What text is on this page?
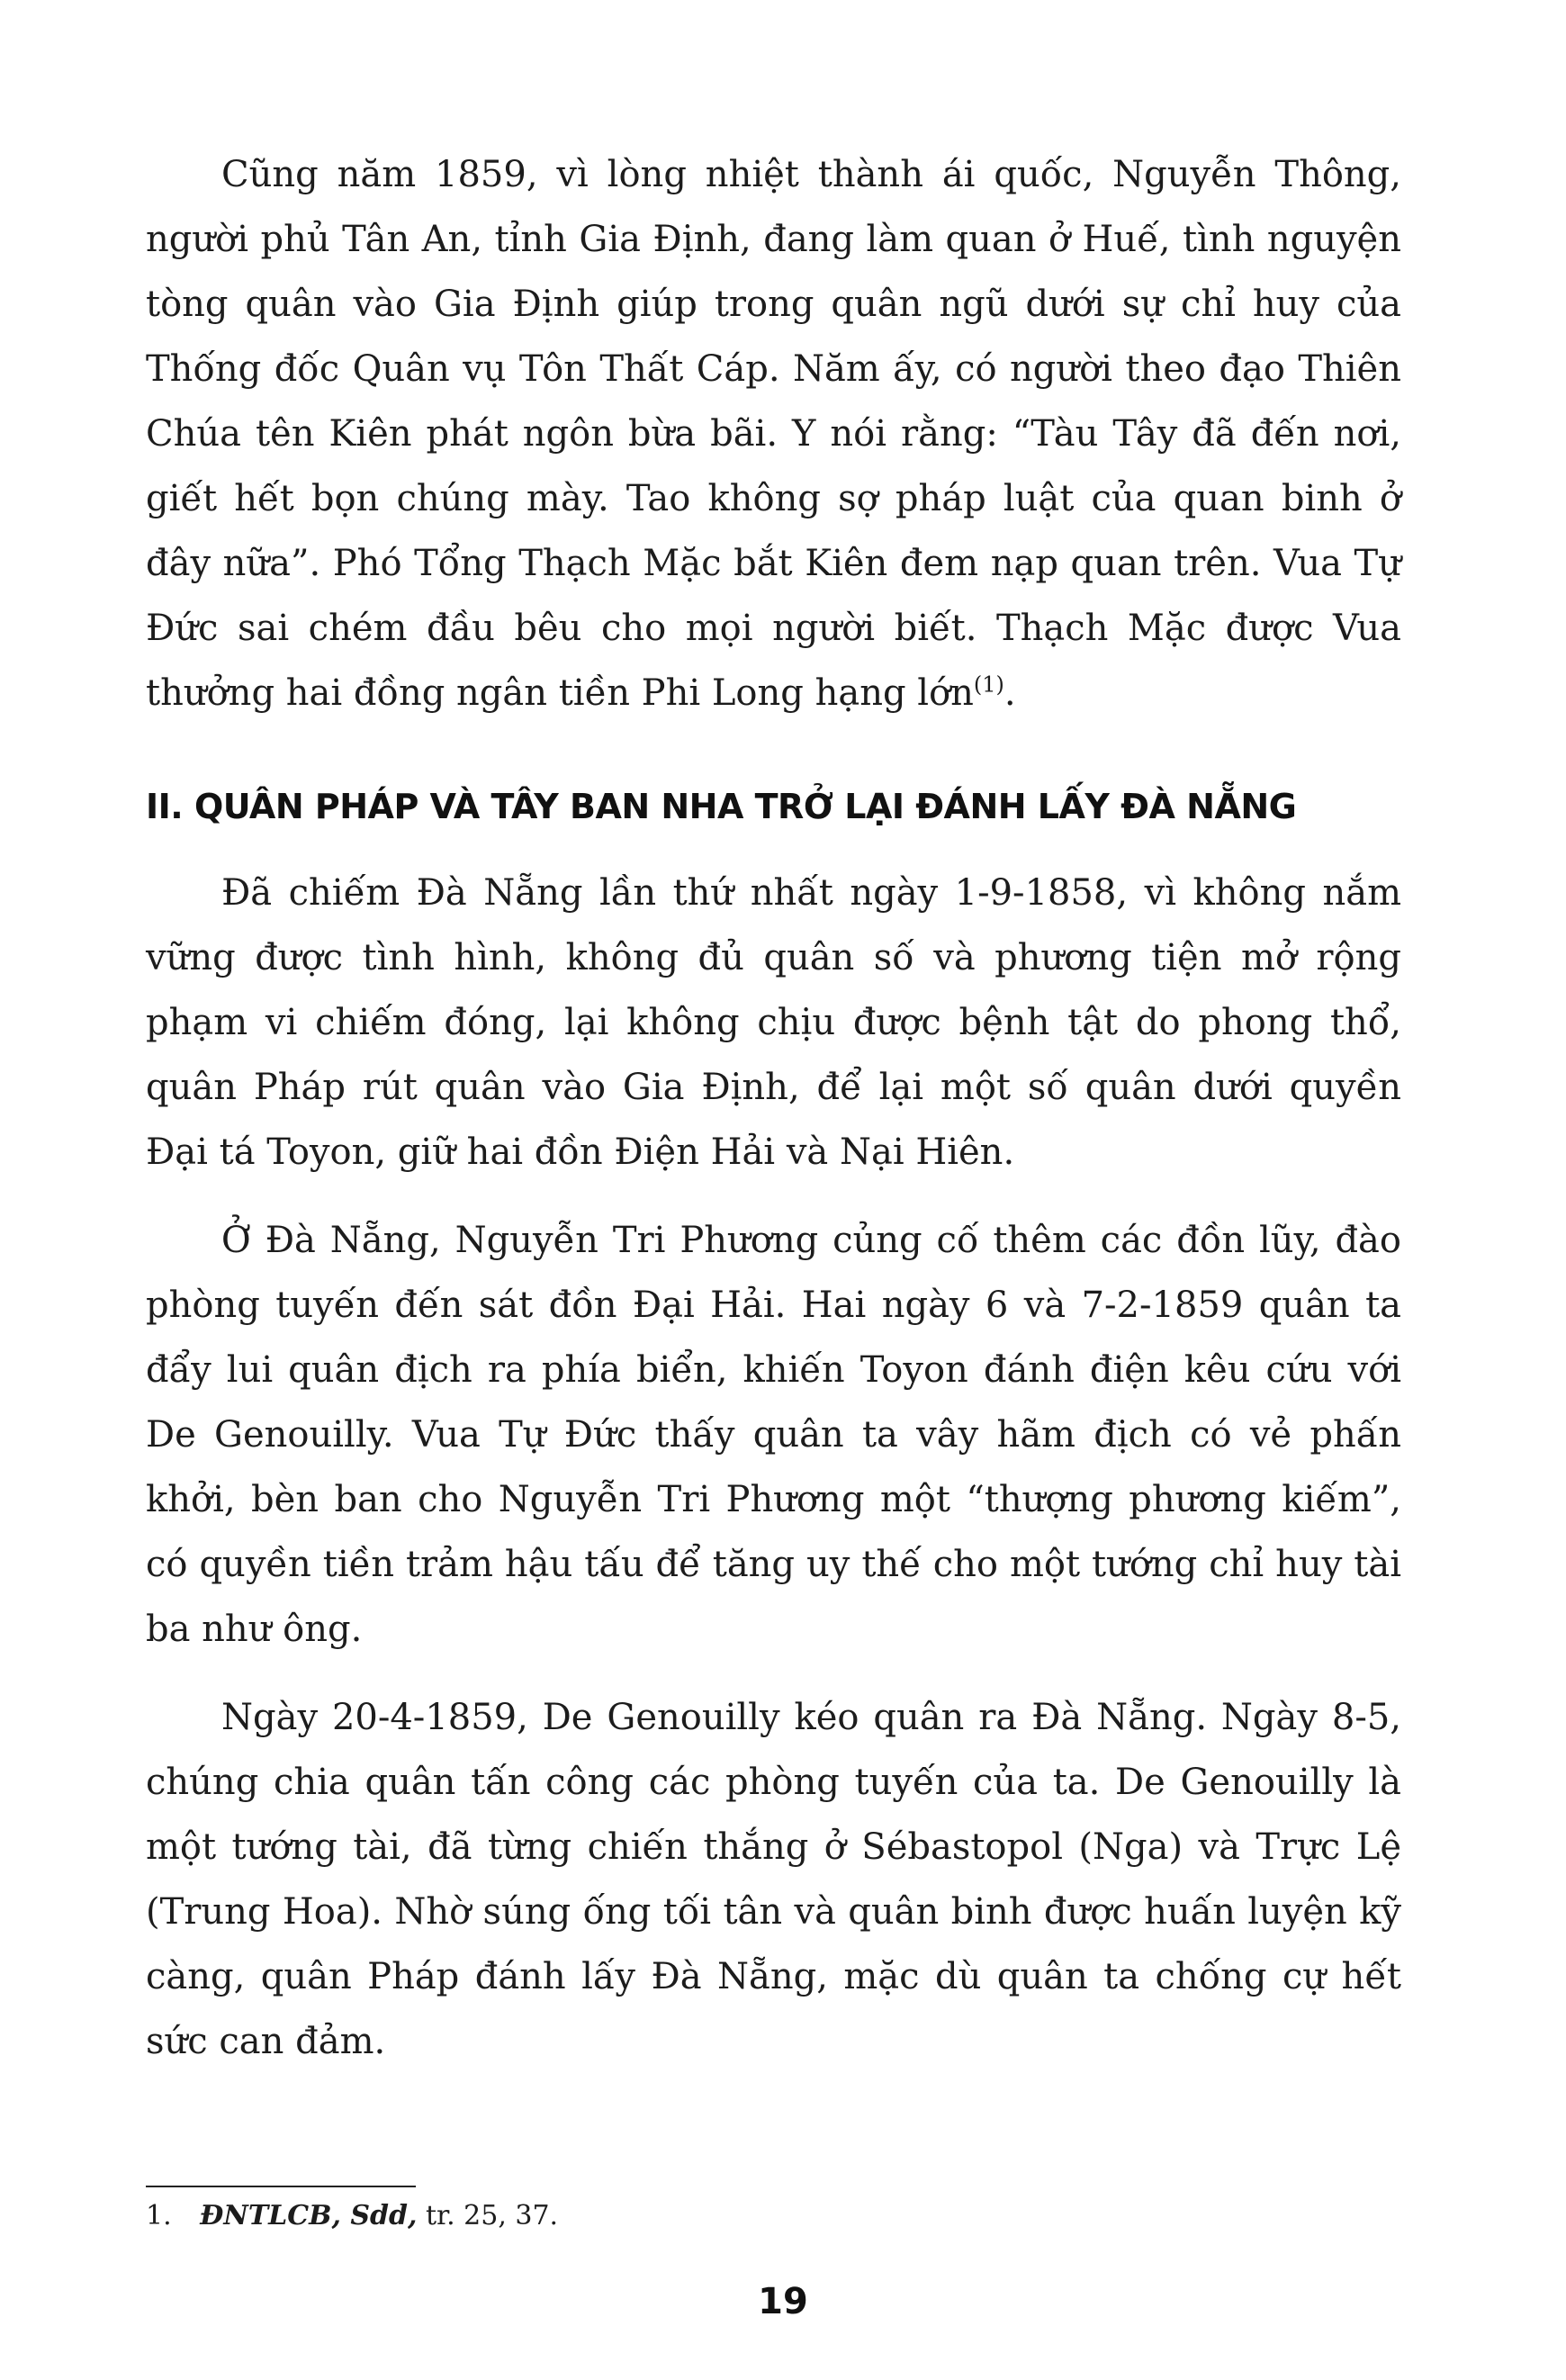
Cũng năm 1859, vì lòng nhiệt thành ái quốc, Nguyễn Thông, người phủ Tân An, tỉnh Gia Định, đang làm quan ở Huế, tình nguyện tòng quân vào Gia Định giúp trong quân ngũ dưới sự chỉ huy của Thống đốc Quân vụ Tôn Thất Cáp. Năm ấy, có người theo đạo Thiên Chúa tên Kiên phát ngôn bừa bãi. Y nói rằng: “Tàu Tây đã đến nơi, giết hết bọn chúng mày. Tao không sợ pháp luật của quan binh ở đây nữa”. Phó Tổng Thạch Mặc bắt Kiên đem nạp quan trên. Vua Tự Đức sai chém đầu bêu cho mọi người biết. Thạch Mặc được Vua thưởng hai đồng ngân tiền Phi Long hạng lớn$^{(1)}$.

II. QUÂN PHÁP VÀ TÂY BAN NHA TRỞ LẠI ĐÁNH LẤY ĐÀ NẴNG

Đã chiếm Đà Nẵng lần thứ nhất ngày 1-9-1858, vì không nắm vững được tình hình, không đủ quân số và phương tiện mở rộng phạm vi chiếm đóng, lại không chịu được bệnh tật do phong thổ, quân Pháp rút quân vào Gia Định, để lại một số quân dưới quyền Đại tá Toyon, giữ hai đồn Điện Hải và Nại Hiên.

Ở Đà Nẵng, Nguyễn Tri Phương củng cố thêm các đồn lũy, đào phòng tuyến đến sát đồn Đại Hải. Hai ngày 6 và 7-2-1859 quân ta đẩy lui quân địch ra phía biển, khiến Toyon đánh điện kêu cứu với De Genouilly. Vua Tự Đức thấy quân ta vây hãm địch có vẻ phấn khởi, bèn ban cho Nguyễn Tri Phương một “thượng phương kiếm”, có quyền tiền trảm hậu tấu để tăng uy thế cho một tướng chỉ huy tài ba như ông.

Ngày 20-4-1859, De Genouilly kéo quân ra Đà Nẵng. Ngày 8-5, chúng chia quân tấn công các phòng tuyến của ta. De Genouilly là một tướng tài, đã từng chiến thắng ở Sébastopol (Nga) và Trực Lệ (Trung Hoa). Nhờ súng ống tối tân và quân binh được huấn luyện kỹ càng, quân Pháp đánh lấy Đà Nẵng, mặc dù quân ta chống cự hết sức can đảm.

1. ĐNTLCB, Sdd, tr. 25, 37.
19
